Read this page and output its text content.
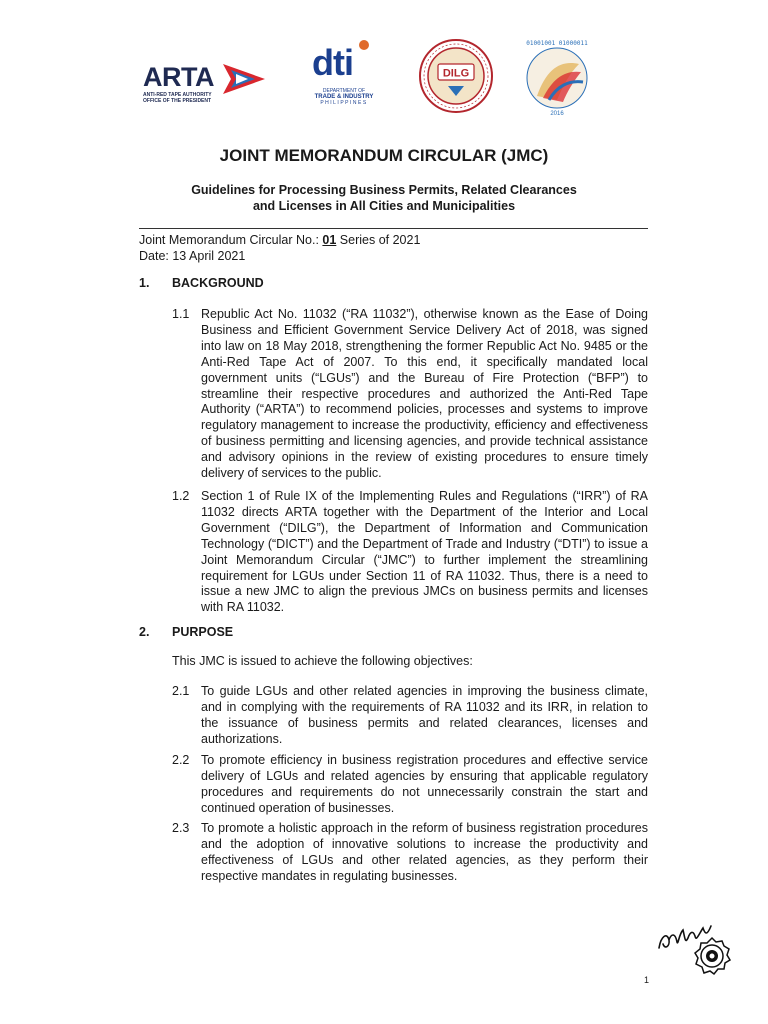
ARTA
ANTI-RED TAPE AUTHORITY
OFFICE OF THE PRESIDENT
dti
DEPARTMENT OF
TRADE & INDUSTRY
PHILIPPINES
DILG
01001001 01000011
2016
JOINT MEMORANDUM CIRCULAR (JMC)
Guidelines for Processing Business Permits, Related Clearances
and Licenses in All Cities and Municipalities
Joint Memorandum Circular No.: 01 Series of 2021
Date: 13 April 2021
1. BACKGROUND
1.1 Republic Act No. 11032 (“RA 11032”), otherwise known as the Ease of Doing Business and Efficient Government Service Delivery Act of 2018, was signed into law on 18 May 2018, strengthening the former Republic Act No. 9485 or the Anti-Red Tape Act of 2007. To this end, it specifically mandated local government units (“LGUs”) and the Bureau of Fire Protection (“BFP”) to streamline their respective procedures and authorized the Anti-Red Tape Authority (“ARTA”) to recommend policies, processes and systems to improve regulatory management to increase the productivity, efficiency and effectiveness of business permitting and licensing agencies, and provide technical assistance and advisory opinions in the review of existing procedures to ensure timely delivery of services to the public.
1.2 Section 1 of Rule IX of the Implementing Rules and Regulations (“IRR”) of RA 11032 directs ARTA together with the Department of the Interior and Local Government (“DILG”), the Department of Information and Communication Technology (“DICT”) and the Department of Trade and Industry (“DTI”) to issue a Joint Memorandum Circular (“JMC”) to further implement the streamlining requirement for LGUs under Section 11 of RA 11032. Thus, there is a need to issue a new JMC to align the previous JMCs on business permits and licenses with RA 11032.
2. PURPOSE
This JMC is issued to achieve the following objectives:
2.1 To guide LGUs and other related agencies in improving the business climate, and in complying with the requirements of RA 11032 and its IRR, in relation to the issuance of business permits and related clearances, licenses and authorizations.
2.2 To promote efficiency in business registration procedures and effective service delivery of LGUs and related agencies by ensuring that applicable regulatory procedures and requirements do not unnecessarily constrain the start and continued operation of businesses.
2.3 To promote a holistic approach in the reform of business registration procedures and the adoption of innovative solutions to increase the productivity and effectiveness of LGUs and other related agencies, as they perform their respective mandates in regulating businesses.
1
